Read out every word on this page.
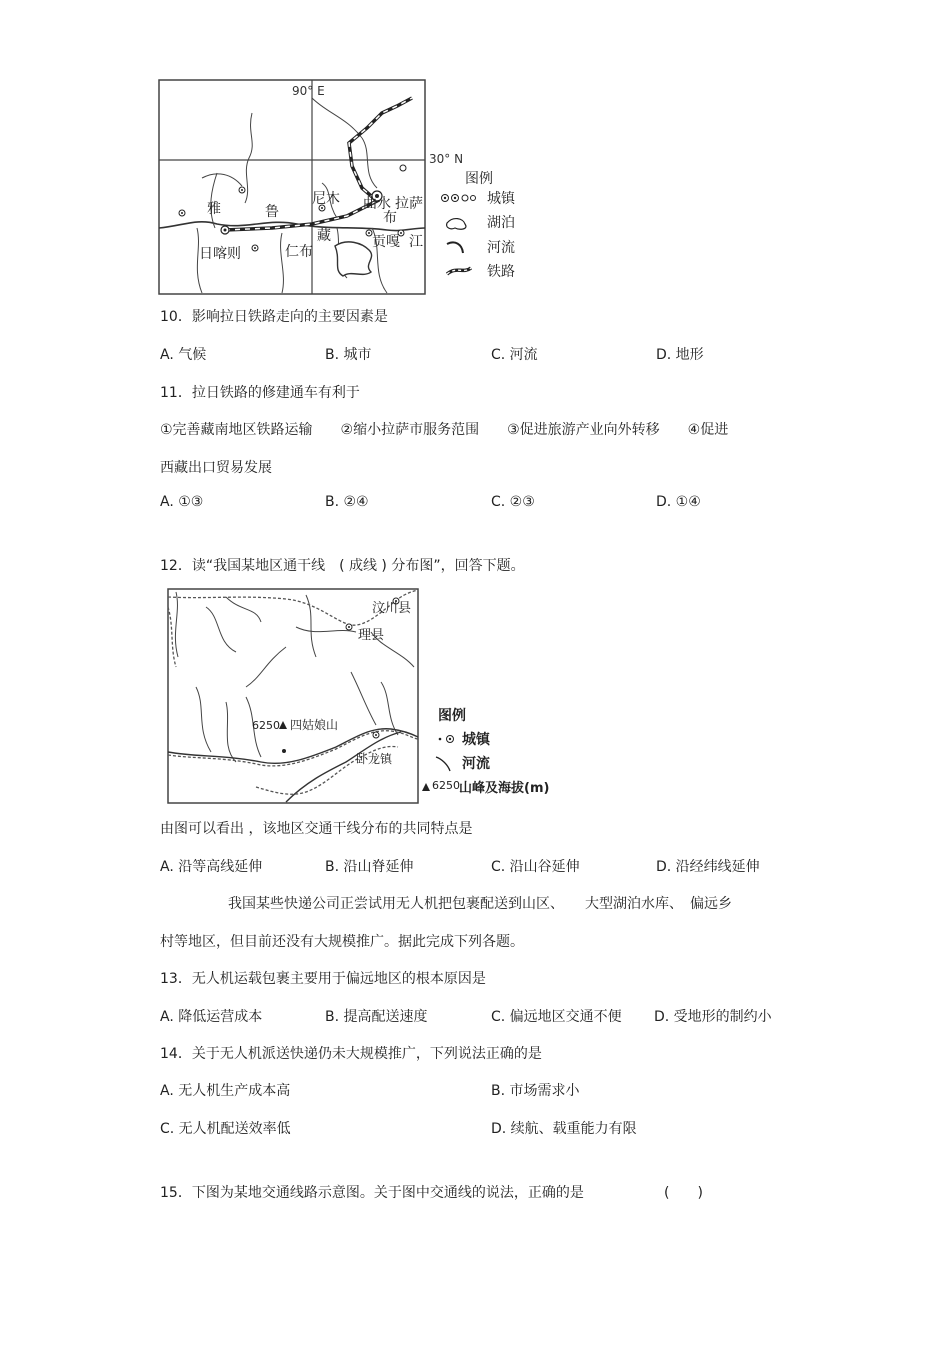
90° E
30° N
雅	鲁
尼木 曲水 拉萨
布
藏
日喀则	仁布
贡嘎 江
图例
城镇
湖泊
河流
铁路
10．影响拉日铁路走向的主要因素是
A. 气候	B. 城市	C. 河流	D. 地形
11．拉日铁路的修建通车有利于
①完善藏南地区铁路运输　　②缩小拉萨市服务范围　　③促进旅游产业向外转移　　④促进
西藏出口贸易发展
A. ①③	B. ②④	C. ②③	D. ①④
12．读“我国某地区通干线　( 成线 ) 分布图”，回答下题。
汶川县
理县
6250 四姑娘山
卧龙镇
图例
城镇
河流
6250 山峰及海拔(m)
由图可以看出 ，该地区交通干线分布的共同特点是
A. 沿等高线延伸	B. 沿山脊延伸	C. 沿山谷延伸	D. 沿经纬线延伸
我国某些快递公司正尝试用无人机把包裹配送到山区、　　大型湖泊水库、　偏远乡
村等地区，但目前还没有大规模推广。据此完成下列各题。
13．无人机运载包裹主要用于偏远地区的根本原因是
A. 降低运营成本	B. 提高配送速度	C. 偏远地区交通不便 D. 受地形的制约小
14．关于无人机派送快递仍未大规模推广，下列说法正确的是
A. 无人机生产成本高	B. 市场需求小
C. 无人机配送效率低	D. 续航、载重能力有限
15．下图为某地交通线路示意图。关于图中交通线的说法，正确的是	(　　)
